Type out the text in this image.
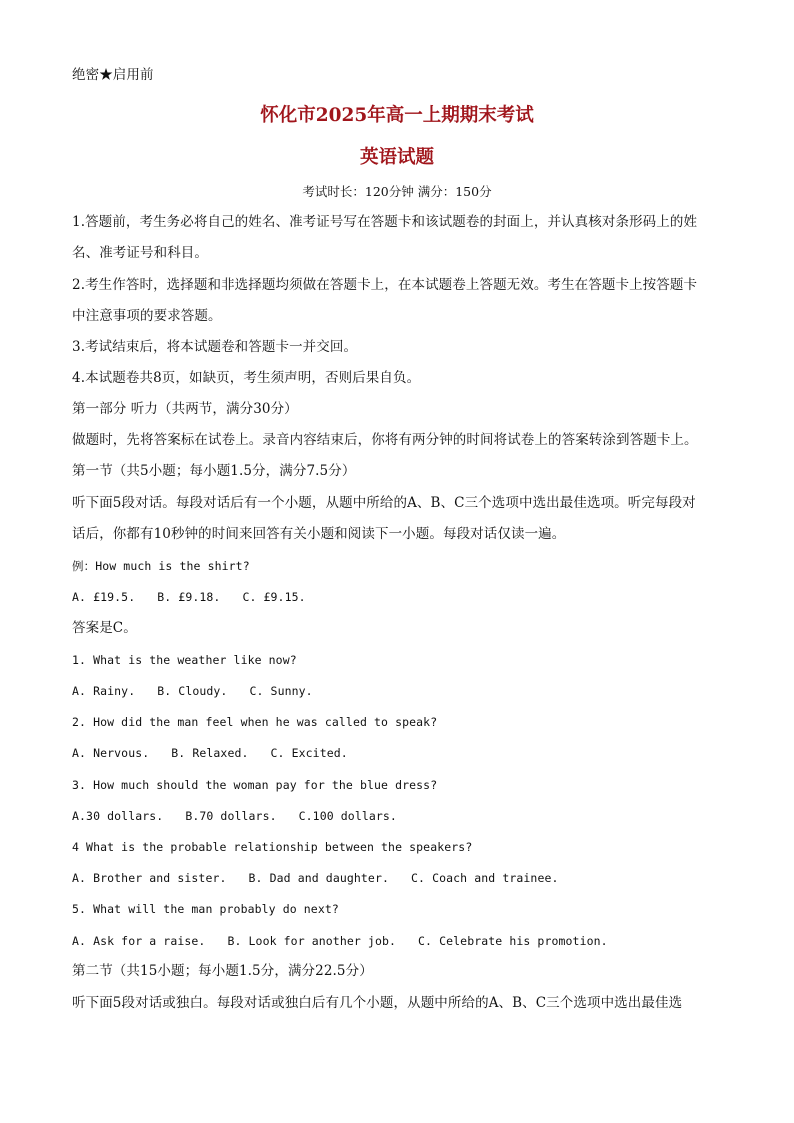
绝密★启用前
怀化市2025年高一上期期末考试
英语试题
考试时长：120分钟 满分：150分
1.答题前，考生务必将自己的姓名、准考证号写在答题卡和该试题卷的封面上，并认真核对条形码上的姓
名、准考证号和科目。
2.考生作答时，选择题和非选择题均须做在答题卡上，在本试题卷上答题无效。考生在答题卡上按答题卡
中注意事项的要求答题。
3.考试结束后，将本试题卷和答题卡一并交回。
4.本试题卷共8页，如缺页，考生须声明，否则后果自负。
第一部分 听力（共两节，满分30分）
做题时，先将答案标在试卷上。录音内容结束后，你将有两分钟的时间将试卷上的答案转涂到答题卡上。
第一节（共5小题；每小题1.5分，满分7.5分）
听下面5段对话。每段对话后有一个小题，从题中所给的A、B、C三个选项中选出最佳选项。听完每段对
话后，你都有10秒钟的时间来回答有关小题和阅读下一小题。每段对话仅读一遍。
例：How much is the shirt?
A. £19.5. B. £9.18. C. £9.15.
答案是C。
1. What is the weather like now?
A. Rainy. B. Cloudy. C. Sunny.
2. How did the man feel when he was called to speak?
A. Nervous. B. Relaxed. C. Excited.
3. How much should the woman pay for the blue dress?
A.30 dollars. B.70 dollars. C.100 dollars.
4 What is the probable relationship between the speakers?
A. Brother and sister. B. Dad and daughter. C. Coach and trainee.
5. What will the man probably do next?
A. Ask for a raise. B. Look for another job. C. Celebrate his promotion.
第二节（共15小题；每小题1.5分，满分22.5分）
听下面5段对话或独白。每段对话或独白后有几个小题，从题中所给的A、B、C三个选项中选出最佳选
